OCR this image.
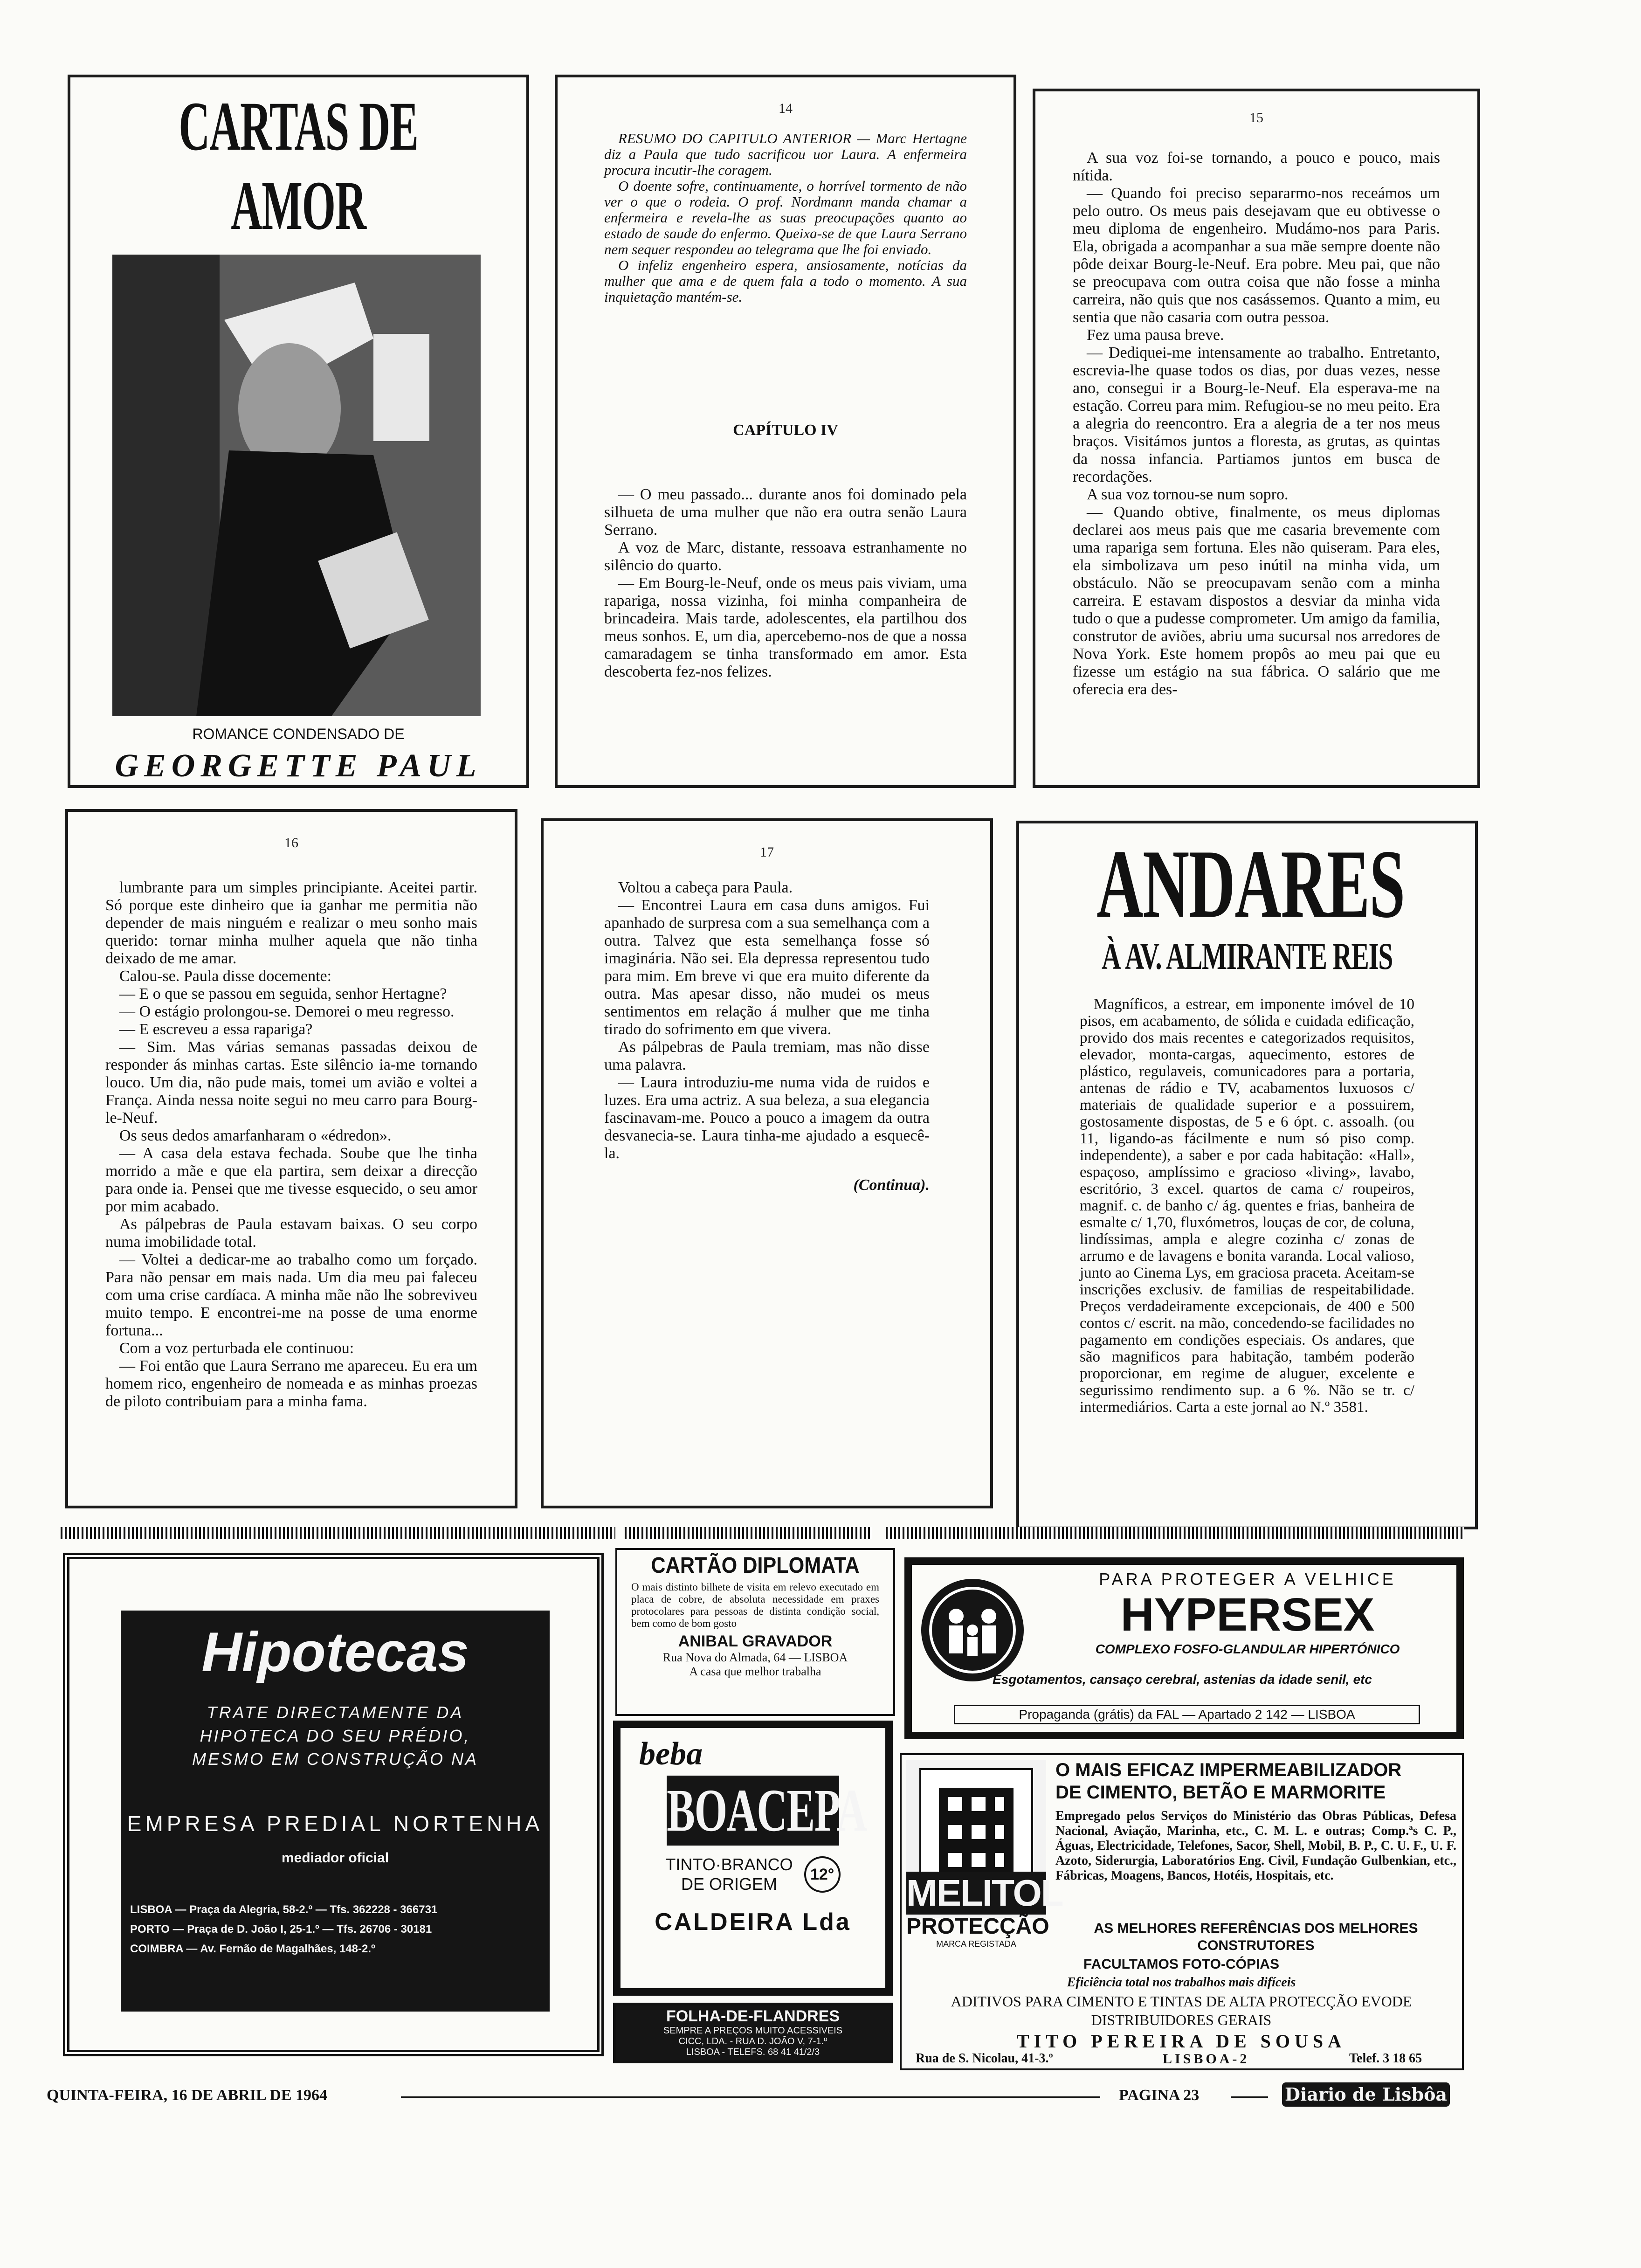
CARTAS DE AMOR
ROMANCE CONDENSADO DE
GEORGETTE PAUL
14

RESUMO DO CAPITULO ANTERIOR — Marc Hertagne diz a Paula que tudo sacrificou uor Laura. A enfermeira procura incutir-lhe coragem.

O doente sofre, continuamente, o horrível tormento de não ver o que o rodeia. O prof. Nordmann manda chamar a enfermeira e revela-lhe as suas preocupações quanto ao estado de saude do enfermo. Queixa-se de que Laura Serrano nem sequer respondeu ao telegrama que lhe foi enviado.

O infeliz engenheiro espera, ansiosamente, notícias da mulher que ama e de quem fala a todo o momento. A sua inquietação mantém-se.

CAPÍTULO IV

— O meu passado... durante anos foi dominado pela silhueta de uma mulher que não era outra senão Laura Serrano.

A voz de Marc, distante, ressoava estranhamente no silêncio do quarto.

— Em Bourg-le-Neuf, onde os meus pais viviam, uma rapariga, nossa vizinha, foi minha companheira de brincadeira. Mais tarde, adolescentes, ela partilhou dos meus sonhos. E, um dia, apercebemo-nos de que a nossa camaradagem se tinha transformado em amor. Esta descoberta fez-nos felizes.

15

A sua voz foi-se tornando, a pouco e pouco, mais nítida.

— Quando foi preciso separarmo-nos receámos um pelo outro. Os meus pais desejavam que eu obtivesse o meu diploma de engenheiro. Mudámo-nos para Paris. Ela, obrigada a acompanhar a sua mãe sempre doente não pôde deixar Bourg-le-Neuf. Era pobre. Meu pai, que não se preocupava com outra coisa que não fosse a minha carreira, não quis que nos casássemos. Quanto a mim, eu sentia que não casaria com outra pessoa.

Fez uma pausa breve.

— Dediquei-me intensamente ao trabalho. Entretanto, escrevia-lhe quase todos os dias, por duas vezes, nesse ano, consegui ir a Bourg-le-Neuf. Ela esperava-me na estação. Correu para mim. Refugiou-se no meu peito. Era a alegria do reencontro. Era a alegria de a ter nos meus braços. Visitámos juntos a floresta, as grutas, as quintas da nossa infancia. Partiamos juntos em busca de recordações.

A sua voz tornou-se num sopro.

— Quando obtive, finalmente, os meus diplomas declarei aos meus pais que me casaria brevemente com uma rapariga sem fortuna. Eles não quiseram. Para eles, ela simbolizava um peso inútil na minha vida, um obstáculo. Não se preocupavam senão com a minha carreira. E estavam dispostos a desviar da minha vida tudo o que a pudesse comprometer. Um amigo da familia, construtor de aviões, abriu uma sucursal nos arredores de Nova York. Este homem propôs ao meu pai que eu fizesse um estágio na sua fábrica. O salário que me oferecia era des-

16

lumbrante para um simples principiante. Aceitei partir. Só porque este dinheiro que ia ganhar me permitia não depender de mais ninguém e realizar o meu sonho mais querido: tornar minha mulher aquela que não tinha deixado de me amar.

Calou-se. Paula disse docemente:

— E o que se passou em seguida, senhor Hertagne?

— O estágio prolongou-se. Demorei o meu regresso.

— E escreveu a essa rapariga?

— Sim. Mas várias semanas passadas deixou de responder ás minhas cartas. Este silêncio ia-me tornando louco. Um dia, não pude mais, tomei um avião e voltei a França. Ainda nessa noite segui no meu carro para Bourg-le-Neuf.

Os seus dedos amarfanharam o «édredon».

— A casa dela estava fechada. Soube que lhe tinha morrido a mãe e que ela partira, sem deixar a direcção para onde ia. Pensei que me tivesse esquecido, o seu amor por mim acabado.

As pálpebras de Paula estavam baixas. O seu corpo numa imobilidade total.

— Voltei a dedicar-me ao trabalho como um forçado. Para não pensar em mais nada. Um dia meu pai faleceu com uma crise cardíaca. A minha mãe não lhe sobreviveu muito tempo. E encontrei-me na posse de uma enorme fortuna...

Com a voz perturbada ele continuou:

— Foi então que Laura Serrano me apareceu. Eu era um homem rico, engenheiro de nomeada e as minhas proezas de piloto contribuiam para a minha fama.

17

Voltou a cabeça para Paula.

— Encontrei Laura em casa duns amigos. Fui apanhado de surpresa com a sua semelhança com a outra. Talvez que esta semelhança fosse só imaginária. Não sei. Ela depressa representou tudo para mim. Em breve vi que era muito diferente da outra. Mas apesar disso, não mudei os meus sentimentos em relação á mulher que me tinha tirado do sofrimento em que vivera.

As pálpebras de Paula tremiam, mas não disse uma palavra.

— Laura introduziu-me numa vida de ruidos e luzes. Era uma actriz. A sua beleza, a sua elegancia fascinavam-me. Pouco a pouco a imagem da outra desvanecia-se. Laura tinha-me ajudado a esquecê-la.

(Continua).

ANDARES
À AV. ALMIRANTE REIS

Magníficos, a estrear, em imponente imóvel de 10 pisos, em acabamento, de sólida e cuidada edificação, provido dos mais recentes e categorizados requisitos, elevador, monta-cargas, aquecimento, estores de plástico, regulaveis, comunicadores para a portaria, antenas de rádio e TV, acabamentos luxuosos c/ materiais de qualidade superior e a possuirem, gostosamente dispostas, de 5 e 6 ópt. c. assoalh. (ou 11, ligando-as fácilmente e num só piso comp. independente), a saber e por cada habitação: «Hall», espaçoso, amplíssimo e gracioso «living», lavabo, escritório, 3 excel. quartos de cama c/ roupeiros, magnif. c. de banho c/ ág. quentes e frias, banheira de esmalte c/ 1,70, fluxómetros, louças de cor, de coluna, lindíssimas, ampla e alegre cozinha c/ zonas de arrumo e de lavagens e bonita varanda. Local valioso, junto ao Cinema Lys, em graciosa praceta. Aceitam-se inscrições exclusiv. de familias de respeitabilidade. Preços verdadeiramente excepcionais, de 400 e 500 contos c/ escrit. na mão, concedendo-se facilidades no pagamento em condições especiais. Os andares, que são magnificos para habitação, também poderão proporcionar, em regime de aluguer, excelente e segurissimo rendimento sup. a 6 %. Não se tr. c/ intermediários. Carta a este jornal ao N.º 3581.

Hipotecas
TRATE DIRECTAMENTE DA
HIPOTECA DO SEU PRÉDIO,
MESMO EM CONSTRUÇÃO NA
EMPRESA PREDIAL NORTENHA
mediador oficial
LISBOA — Praça da Alegria, 58-2.º — Tfs. 362228 - 366731
PORTO — Praça de D. João I, 25-1.º — Tfs. 26706 - 30181
COIMBRA — Av. Fernão de Magalhães, 148-2.º
CARTÃO DIPLOMATA
O mais distinto bilhete de visita em relevo executado em placa de cobre, de absoluta necessidade em praxes protocolares para pessoas de distinta condição social, bem como de bom gosto
ANIBAL GRAVADOR
Rua Nova do Almada, 64 — LISBOA
A casa que melhor trabalha
beba
BOACEPA
TINTO·BRANCO
DE ORIGEM
12°
CALDEIRA Lda
FOLHA-DE-FLANDRES
SEMPRE A PREÇOS MUITO ACESSIVEIS
CICC, LDA. - RUA D. JOÃO V, 7-1.º
LISBOA - TELEFS. 68 41 41/2/3
PARA PROTEGER A VELHICE
HYPERSEX
COMPLEXO FOSFO-GLANDULAR HIPERTÓNICO
Esgotamentos, cansaço cerebral, astenias da idade senil, etc
Propaganda (grátis) da FAL — Apartado 2 142 — LISBOA
MELITOL
PROTECÇÃO
MARCA REGISTADA
O MAIS EFICAZ IMPERMEABILIZADOR
DE CIMENTO, BETÃO E MARMORITE
Empregado pelos Serviços do Ministério das Obras Públicas, Defesa Nacional, Aviação, Marinha, etc., C. M. L. e outras; Comp.ªs C. P., Águas, Electricidade, Telefones, Sacor, Shell, Mobil, B. P., C. U. F., U. F. Azoto, Siderurgia, Laboratórios Eng. Civil, Fundação Gulbenkian, etc., Fábricas, Moagens, Bancos, Hotéis, Hospitais, etc.
AS MELHORES REFERÊNCIAS DOS MELHORES
CONSTRUTORES
FACULTAMOS FOTO-CÓPIAS
Eficiência total nos trabalhos mais difíceis
ADITIVOS PARA CIMENTO E TINTAS DE ALTA PROTECÇÃO EVODE
DISTRIBUIDORES GERAIS
TITO PEREIRA DE SOUSA
Rua de S. Nicolau, 41-3.º	LISBOA-2	Telef. 3 18 65
QUINTA-FEIRA, 16 DE ABRIL DE 1964	PAGINA 23	Diario de Lisbôa
